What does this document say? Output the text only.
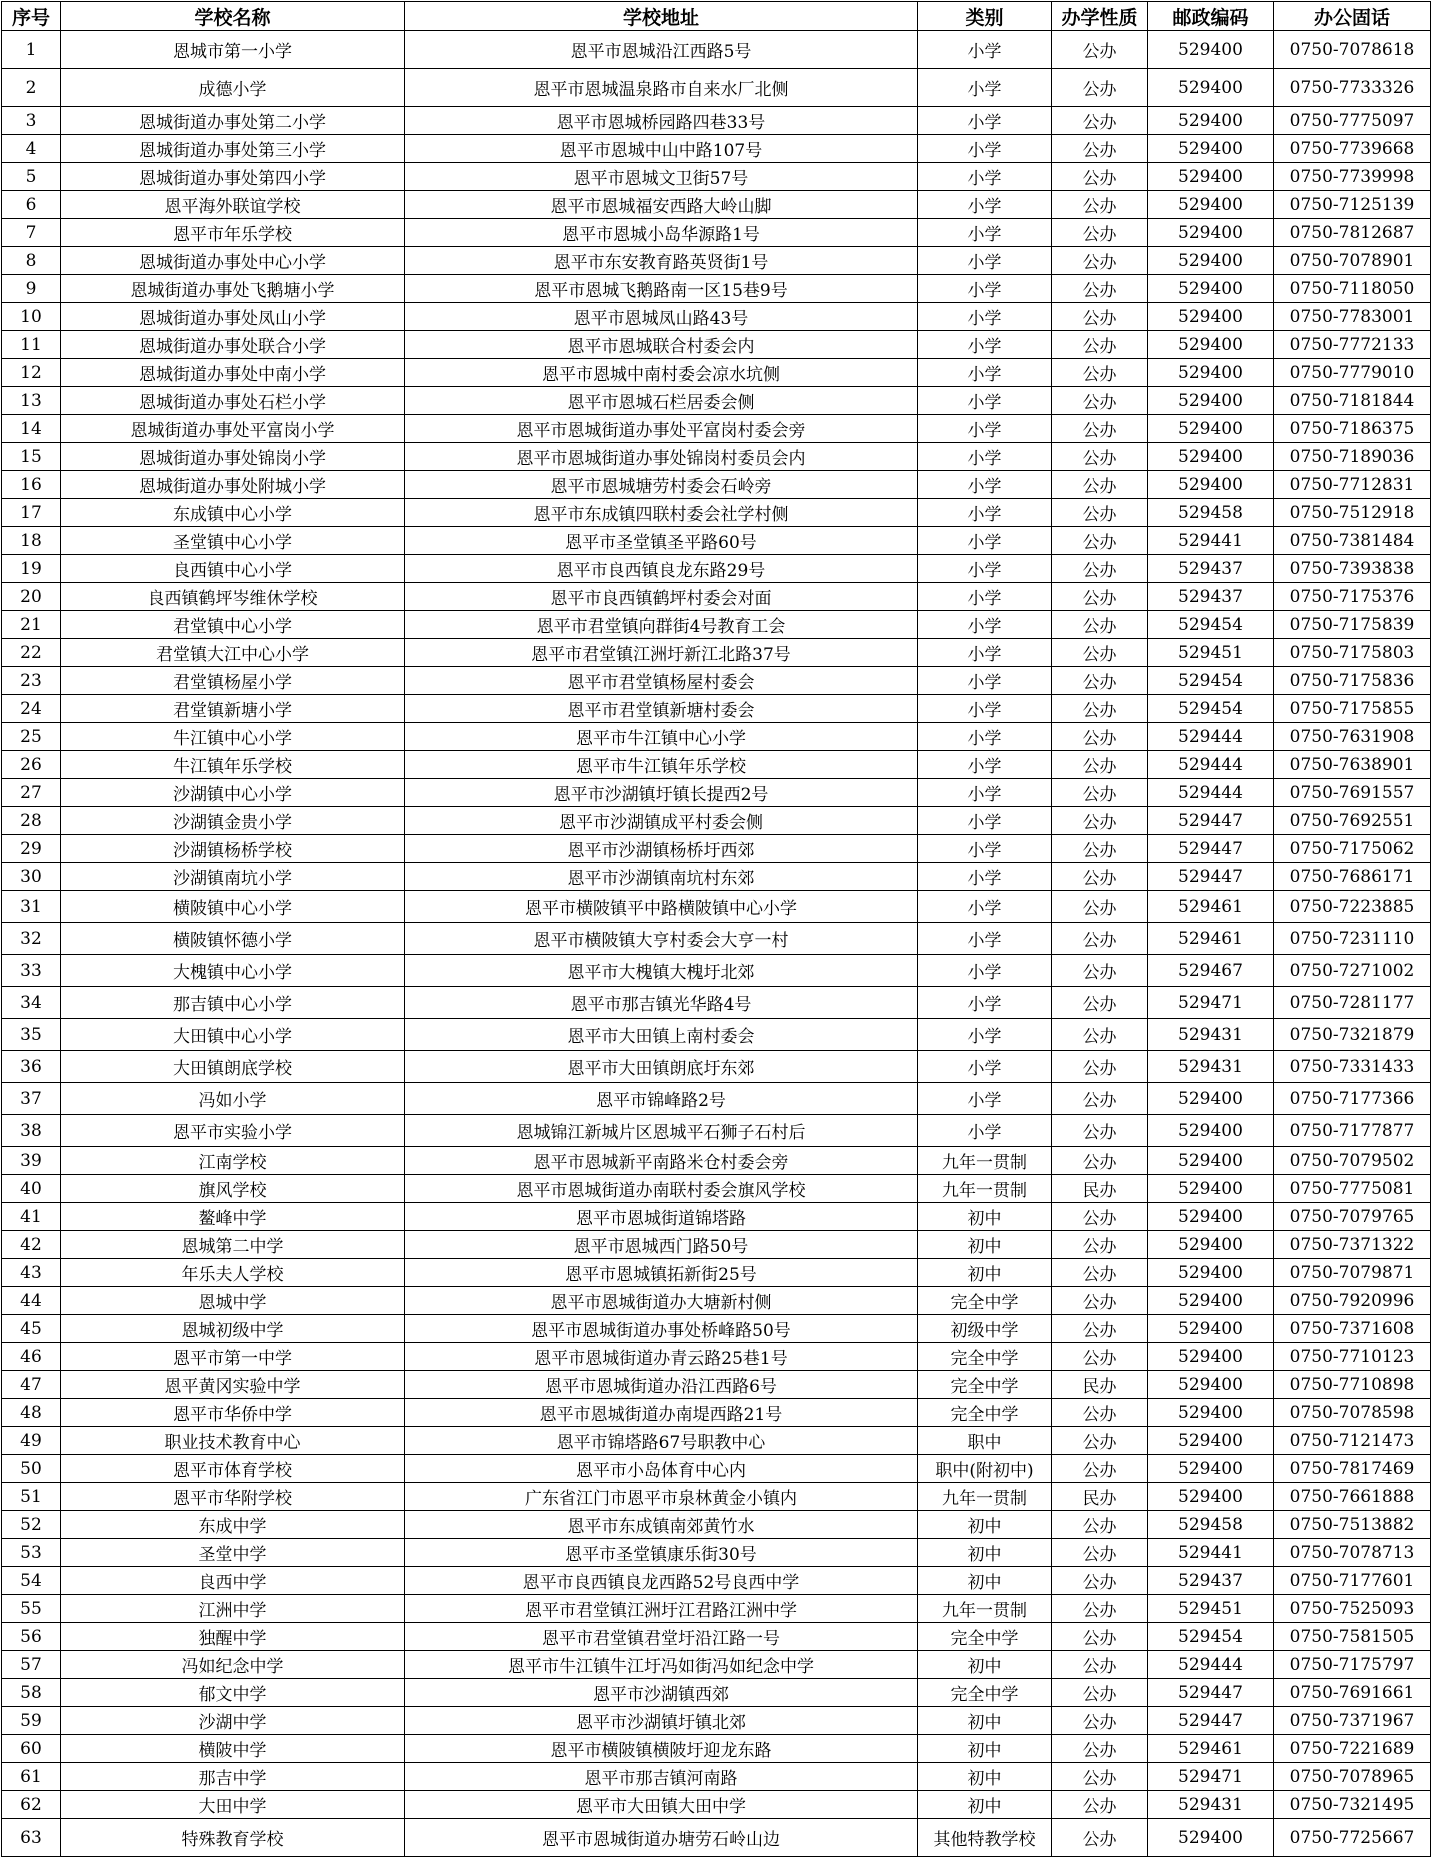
序号	学校名称	学校地址	类别	办学性质	邮政编码	办公固话
1	恩城市第一小学	恩平市恩城沿江西路5号	小学	公办	529400	0750-7078618
2	成德小学	恩平市恩城温泉路市自来水厂北侧	小学	公办	529400	0750-7733326
3	恩城街道办事处第二小学	恩平市恩城桥园路四巷33号	小学	公办	529400	0750-7775097
4	恩城街道办事处第三小学	恩平市恩城中山中路107号	小学	公办	529400	0750-7739668
5	恩城街道办事处第四小学	恩平市恩城文卫街57号	小学	公办	529400	0750-7739998
6	恩平海外联谊学校	恩平市恩城福安西路大岭山脚	小学	公办	529400	0750-7125139
7	恩平市年乐学校	恩平市恩城小岛华源路1号	小学	公办	529400	0750-7812687
8	恩城街道办事处中心小学	恩平市东安教育路英贤街1号	小学	公办	529400	0750-7078901
9	恩城街道办事处飞鹅塘小学	恩平市恩城飞鹅路南一区15巷9号	小学	公办	529400	0750-7118050
10	恩城街道办事处凤山小学	恩平市恩城凤山路43号	小学	公办	529400	0750-7783001
11	恩城街道办事处联合小学	恩平市恩城联合村委会内	小学	公办	529400	0750-7772133
12	恩城街道办事处中南小学	恩平市恩城中南村委会凉水坑侧	小学	公办	529400	0750-7779010
13	恩城街道办事处石栏小学	恩平市恩城石栏居委会侧	小学	公办	529400	0750-7181844
14	恩城街道办事处平富岗小学	恩平市恩城街道办事处平富岗村委会旁	小学	公办	529400	0750-7186375
15	恩城街道办事处锦岗小学	恩平市恩城街道办事处锦岗村委员会内	小学	公办	529400	0750-7189036
16	恩城街道办事处附城小学	恩平市恩城塘劳村委会石岭旁	小学	公办	529400	0750-7712831
17	东成镇中心小学	恩平市东成镇四联村委会社学村侧	小学	公办	529458	0750-7512918
18	圣堂镇中心小学	恩平市圣堂镇圣平路60号	小学	公办	529441	0750-7381484
19	良西镇中心小学	恩平市良西镇良龙东路29号	小学	公办	529437	0750-7393838
20	良西镇鹤坪岑维休学校	恩平市良西镇鹤坪村委会对面	小学	公办	529437	0750-7175376
21	君堂镇中心小学	恩平市君堂镇向群街4号教育工会	小学	公办	529454	0750-7175839
22	君堂镇大江中心小学	恩平市君堂镇江洲圩新江北路37号	小学	公办	529451	0750-7175803
23	君堂镇杨屋小学	恩平市君堂镇杨屋村委会	小学	公办	529454	0750-7175836
24	君堂镇新塘小学	恩平市君堂镇新塘村委会	小学	公办	529454	0750-7175855
25	牛江镇中心小学	恩平市牛江镇中心小学	小学	公办	529444	0750-7631908
26	牛江镇年乐学校	恩平市牛江镇年乐学校	小学	公办	529444	0750-7638901
27	沙湖镇中心小学	恩平市沙湖镇圩镇长提西2号	小学	公办	529444	0750-7691557
28	沙湖镇金贵小学	恩平市沙湖镇成平村委会侧	小学	公办	529447	0750-7692551
29	沙湖镇杨桥学校	恩平市沙湖镇杨桥圩西郊	小学	公办	529447	0750-7175062
30	沙湖镇南坑小学	恩平市沙湖镇南坑村东郊	小学	公办	529447	0750-7686171
31	横陂镇中心小学	恩平市横陂镇平中路横陂镇中心小学	小学	公办	529461	0750-7223885
32	横陂镇怀德小学	恩平市横陂镇大亨村委会大亨一村	小学	公办	529461	0750-7231110
33	大槐镇中心小学	恩平市大槐镇大槐圩北郊	小学	公办	529467	0750-7271002
34	那吉镇中心小学	恩平市那吉镇光华路4号	小学	公办	529471	0750-7281177
35	大田镇中心小学	恩平市大田镇上南村委会	小学	公办	529431	0750-7321879
36	大田镇朗底学校	恩平市大田镇朗底圩东郊	小学	公办	529431	0750-7331433
37	冯如小学	恩平市锦峰路2号	小学	公办	529400	0750-7177366
38	恩平市实验小学	恩城锦江新城片区恩城平石狮子石村后	小学	公办	529400	0750-7177877
39	江南学校	恩平市恩城新平南路米仓村委会旁	九年一贯制	公办	529400	0750-7079502
40	旗风学校	恩平市恩城街道办南联村委会旗风学校	九年一贯制	民办	529400	0750-7775081
41	鳌峰中学	恩平市恩城街道锦塔路	初中	公办	529400	0750-7079765
42	恩城第二中学	恩平市恩城西门路50号	初中	公办	529400	0750-7371322
43	年乐夫人学校	恩平市恩城镇拓新街25号	初中	公办	529400	0750-7079871
44	恩城中学	恩平市恩城街道办大塘新村侧	完全中学	公办	529400	0750-7920996
45	恩城初级中学	恩平市恩城街道办事处桥峰路50号	初级中学	公办	529400	0750-7371608
46	恩平市第一中学	恩平市恩城街道办青云路25巷1号	完全中学	公办	529400	0750-7710123
47	恩平黄冈实验中学	恩平市恩城街道办沿江西路6号	完全中学	民办	529400	0750-7710898
48	恩平市华侨中学	恩平市恩城街道办南堤西路21号	完全中学	公办	529400	0750-7078598
49	职业技术教育中心	恩平市锦塔路67号职教中心	职中	公办	529400	0750-7121473
50	恩平市体育学校	恩平市小岛体育中心内	职中(附初中)	公办	529400	0750-7817469
51	恩平市华附学校	广东省江门市恩平市泉林黄金小镇内	九年一贯制	民办	529400	0750-7661888
52	东成中学	恩平市东成镇南郊黄竹水	初中	公办	529458	0750-7513882
53	圣堂中学	恩平市圣堂镇康乐街30号	初中	公办	529441	0750-7078713
54	良西中学	恩平市良西镇良龙西路52号良西中学	初中	公办	529437	0750-7177601
55	江洲中学	恩平市君堂镇江洲圩江君路江洲中学	九年一贯制	公办	529451	0750-7525093
56	独醒中学	恩平市君堂镇君堂圩沿江路一号	完全中学	公办	529454	0750-7581505
57	冯如纪念中学	恩平市牛江镇牛江圩冯如街冯如纪念中学	初中	公办	529444	0750-7175797
58	郁文中学	恩平市沙湖镇西郊	完全中学	公办	529447	0750-7691661
59	沙湖中学	恩平市沙湖镇圩镇北郊	初中	公办	529447	0750-7371967
60	横陂中学	恩平市横陂镇横陂圩迎龙东路	初中	公办	529461	0750-7221689
61	那吉中学	恩平市那吉镇河南路	初中	公办	529471	0750-7078965
62	大田中学	恩平市大田镇大田中学	初中	公办	529431	0750-7321495
63	特殊教育学校	恩平市恩城街道办塘劳石岭山边	其他特教学校	公办	529400	0750-7725667
